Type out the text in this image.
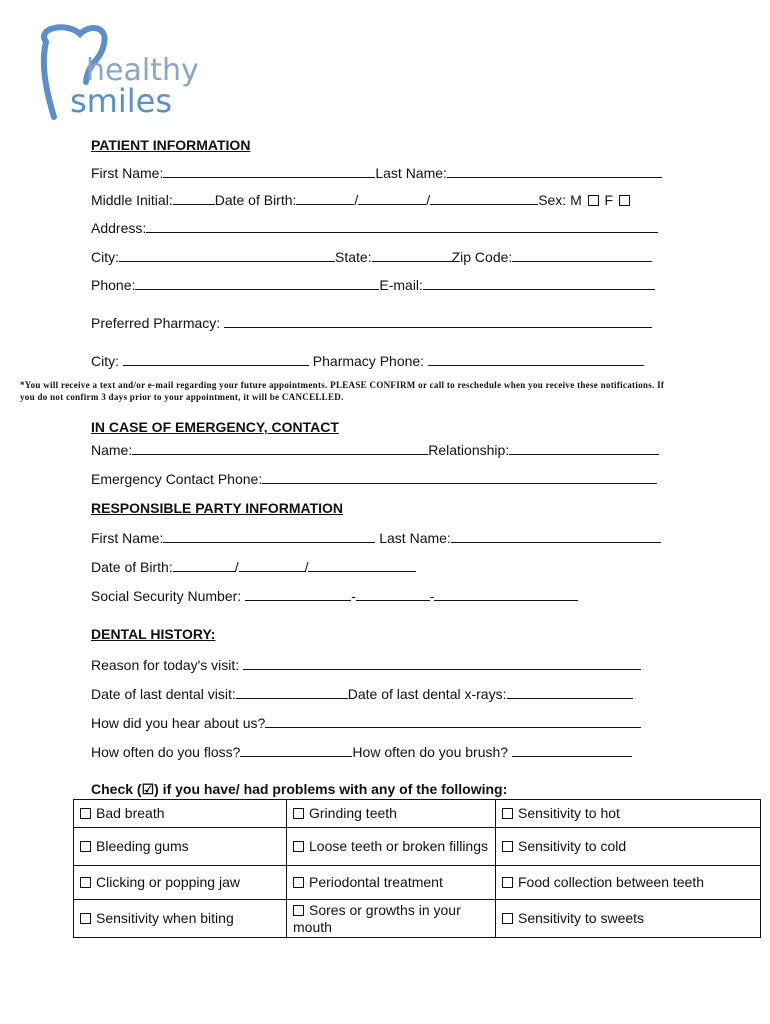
healthy
smiles
PATIENT INFORMATION
First Name:	Last Name:
Middle Initial:	Date of Birth:	/	/	Sex: M F
Address:
City:	State:	Zip Code:
Phone:	E-mail:
Preferred Pharmacy:
City:	Pharmacy Phone:
*You will receive a text and/or e-mail regarding your future appointments. PLEASE CONFIRM or call to reschedule when you receive these notifications. If you do not confirm 3 days prior to your appointment, it will be CANCELLED.
IN CASE OF EMERGENCY, CONTACT
Name:	Relationship:
Emergency Contact Phone:
RESPONSIBLE PARTY INFORMATION
First Name:	Last Name:
Date of Birth:	/	/
Social Security Number:	-	-
DENTAL HISTORY:
Reason for today's visit:
Date of last dental visit:	Date of last dental x-rays:
How did you hear about us?
How often do you floss?	How often do you brush?
Check (☑) if you have/ had problems with any of the following:
Bad breath	Grinding teeth	Sensitivity to hot
Bleeding gums	Loose teeth or broken fillings	Sensitivity to cold
Clicking or popping jaw	Periodontal treatment	Food collection between teeth
Sensitivity when biting	Sores or growths in your mouth	Sensitivity to sweets
